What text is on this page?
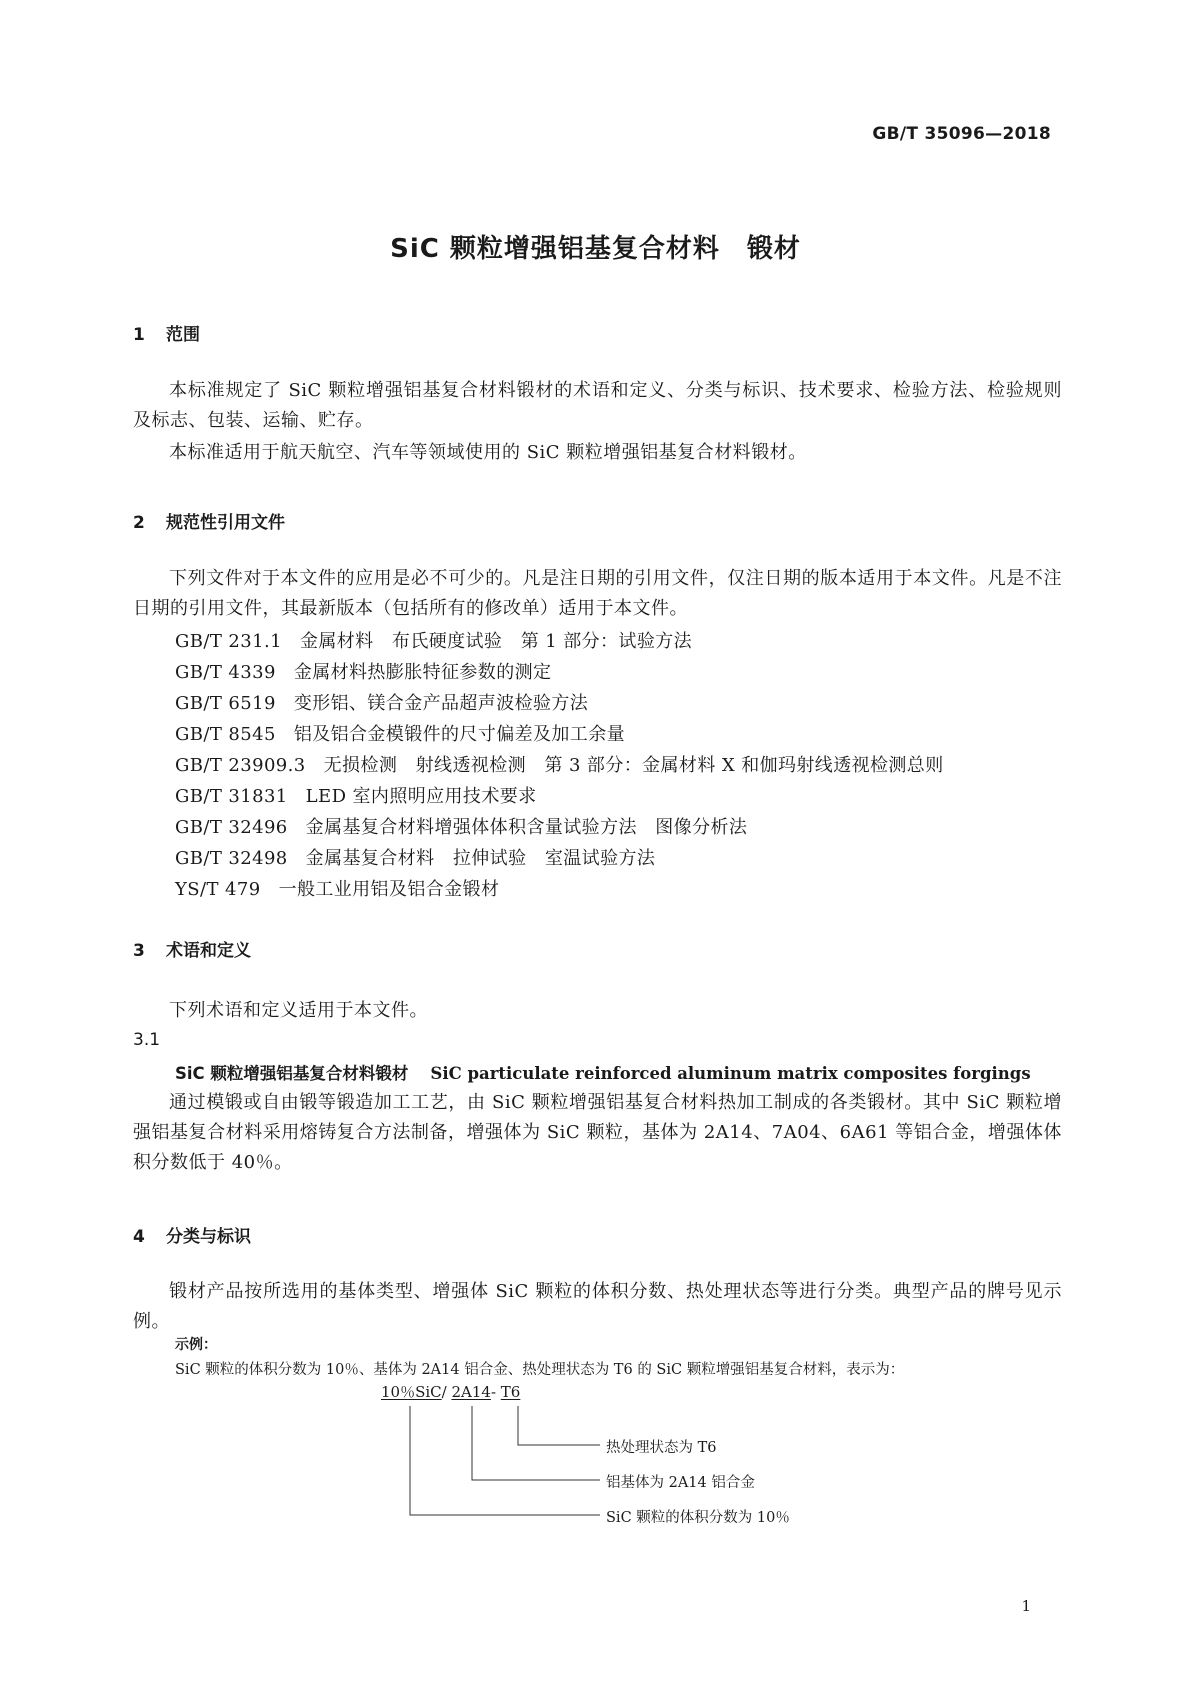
GB/T 35096—2018
SiC 颗粒增强铝基复合材料　锻材
1 范围
本标准规定了 SiC 颗粒增强铝基复合材料锻材的术语和定义、分类与标识、技术要求、检验方法、检验规则及标志、包装、运输、贮存。
本标准适用于航天航空、汽车等领域使用的 SiC 颗粒增强铝基复合材料锻材。
2 规范性引用文件
下列文件对于本文件的应用是必不可少的。凡是注日期的引用文件，仅注日期的版本适用于本文件。凡是不注日期的引用文件，其最新版本（包括所有的修改单）适用于本文件。
GB/T 231.1 金属材料　布氏硬度试验　第 1 部分：试验方法
GB/T 4339 金属材料热膨胀特征参数的测定
GB/T 6519 变形铝、镁合金产品超声波检验方法
GB/T 8545 铝及铝合金模锻件的尺寸偏差及加工余量
GB/T 23909.3 无损检测　射线透视检测　第 3 部分：金属材料 X 和伽玛射线透视检测总则
GB/T 31831 LED 室内照明应用技术要求
GB/T 32496 金属基复合材料增强体体积含量试验方法　图像分析法
GB/T 32498 金属基复合材料　拉伸试验　室温试验方法
YS/T 479 一般工业用铝及铝合金锻材
3 术语和定义
下列术语和定义适用于本文件。
3.1
SiC 颗粒增强铝基复合材料锻材 SiC particulate reinforced aluminum matrix composites forgings
通过模锻或自由锻等锻造加工工艺，由 SiC 颗粒增强铝基复合材料热加工制成的各类锻材。其中 SiC 颗粒增强铝基复合材料采用熔铸复合方法制备，增强体为 SiC 颗粒，基体为 2A14、7A04、6A61 等铝合金，增强体体积分数低于 40％。
4 分类与标识
锻材产品按所选用的基体类型、增强体 SiC 颗粒的体积分数、热处理状态等进行分类。典型产品的牌号见示例。
示例：
SiC 颗粒的体积分数为 10％、基体为 2A14 铝合金、热处理状态为 T6 的 SiC 颗粒增强铝基复合材料，表示为：
10％SiC/ 2A14- T6
热处理状态为 T6
铝基体为 2A14 铝合金
SiC 颗粒的体积分数为 10％
1
